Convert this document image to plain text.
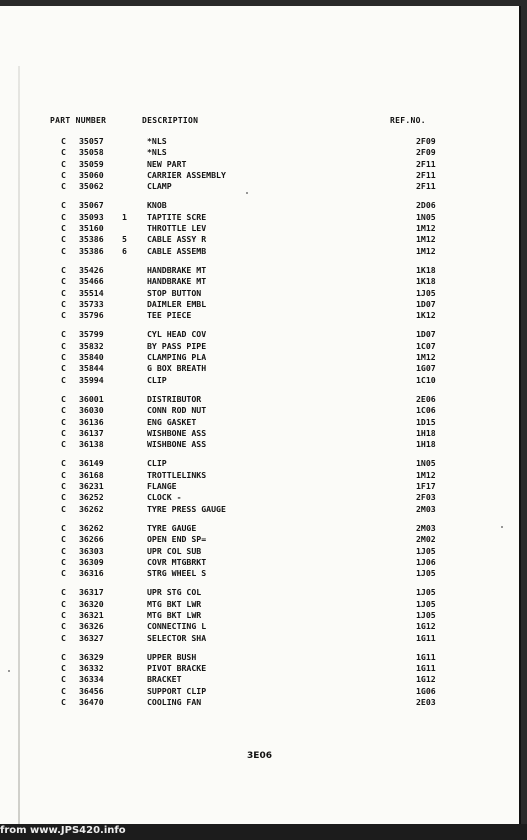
PART NUMBER	DESCRIPTION	REF.NO.
C 35057	*NLS	2F09
C 35058	*NLS	2F09
C 35059	NEW PART	2F11
C 35060	CARRIER ASSEMBLY	2F11
C 35062	CLAMP	2F11
C 35067	KNOB	2D06
C 35093 1 TAPTITE SCRE	1N05
C 35160	THROTTLE LEV	1M12
C 35386 5 CABLE ASSY R	1M12
C 35386 6 CABLE ASSEMB	1M12
C 35426	HANDBRAKE MT	1K18
C 35466	HANDBRAKE MT	1K18
C 35514	STOP BUTTON	1J05
C 35733	DAIMLER EMBL	1D07
C 35796	TEE PIECE	1K12
C 35799	CYL HEAD COV	1D07
C 35832	BY PASS PIPE	1C07
C 35840	CLAMPING PLA	1M12
C 35844	G BOX BREATH	1G07
C 35994	CLIP	1C10
C 36001	DISTRIBUTOR	2E06
C 36030	CONN ROD NUT	1C06
C 36136	ENG GASKET	1D15
C 36137	WISHBONE ASS	1H18
C 36138	WISHBONE ASS	1H18
C 36149	CLIP	1N05
C 36168	TROTTLELINKS	1M12
C 36231	FLANGE	1F17
C 36252	CLOCK -	2F03
C 36262	TYRE PRESS GAUGE	2M03
C 36262	TYRE GAUGE	2M03
C 36266	OPEN END SP=	2M02
C 36303	UPR COL SUB	1J05
C 36309	COVR MTGBRKT	1J06
C 36316	STRG WHEEL S	1J05
C 36317	UPR STG COL	1J05
C 36320	MTG BKT LWR	1J05
C 36321	MTG BKT LWR	1J05
C 36326	CONNECTING L	1G12
C 36327	SELECTOR SHA	1G11
C 36329	UPPER BUSH	1G11
C 36332	PIVOT BRACKE	1G11
C 36334	BRACKET	1G12
C 36456	SUPPORT CLIP	1G06
C 36470	COOLING FAN	2E03
3E06

from www.JPS420.info
